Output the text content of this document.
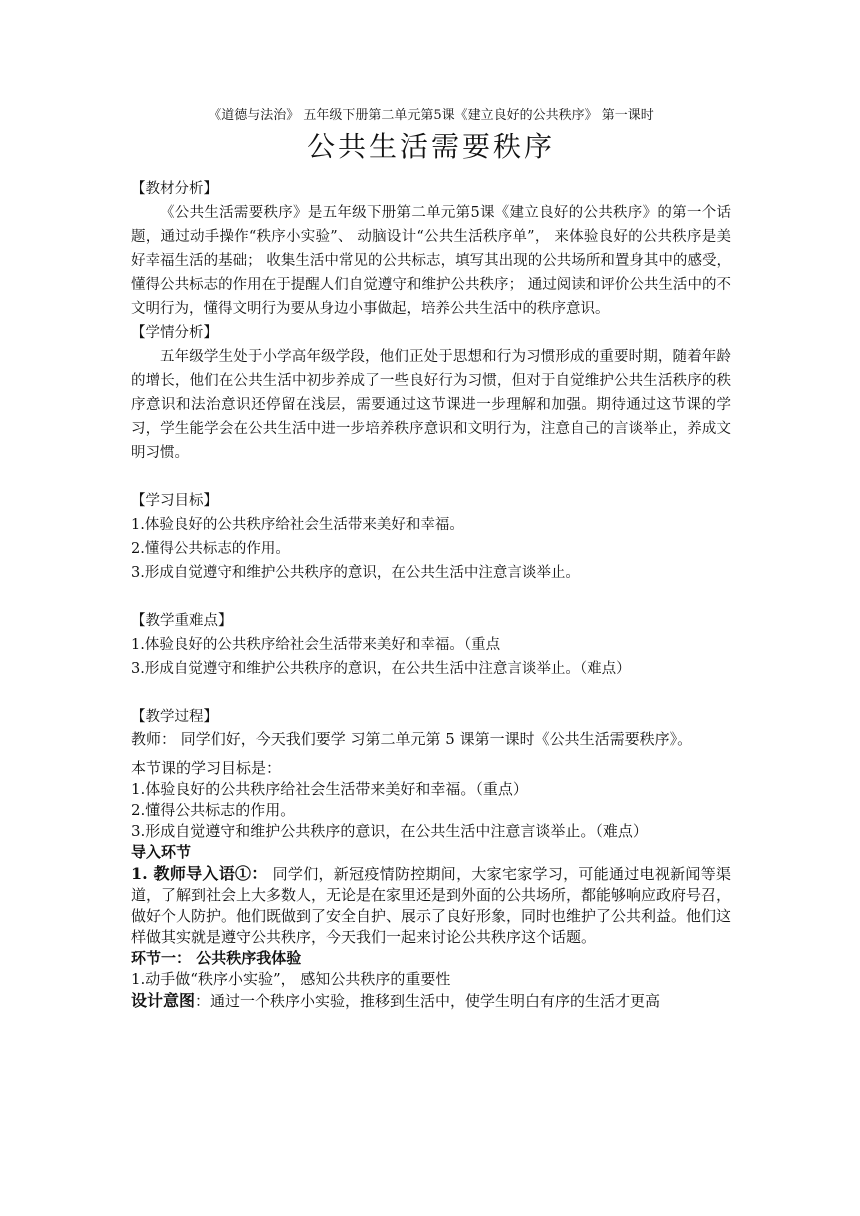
《道德与法治》 五年级下册第二单元第5课《建立良好的公共秩序》 第一课时

公共生活需要秩序

【教材分析】

《公共生活需要秩序》是五年级下册第二单元第5课《建立良好的公共秩序》的第一个话题，通过动手操作“秩序小实验”、 动脑设计“公共生活秩序单”， 来体验良好的公共秩序是美好幸福生活的基础； 收集生活中常见的公共标志，填写其出现的公共场所和置身其中的感受，懂得公共标志的作用在于提醒人们自觉遵守和维护公共秩序； 通过阅读和评价公共生活中的不文明行为，懂得文明行为要从身边小事做起，培养公共生活中的秩序意识。

【学情分析】

五年级学生处于小学高年级学段，他们正处于思想和行为习惯形成的重要时期，随着年龄的增长，他们在公共生活中初步养成了一些良好行为习惯，但对于自觉维护公共生活秩序的秩序意识和法治意识还停留在浅层，需要通过这节课进一步理解和加强。期待通过这节课的学习，学生能学会在公共生活中进一步培养秩序意识和文明行为，注意自己的言谈举止，养成文明习惯。

【学习目标】

1.体验良好的公共秩序给社会生活带来美好和幸福。

2.懂得公共标志的作用。

3.形成自觉遵守和维护公共秩序的意识，在公共生活中注意言谈举止。

【教学重难点】

1.体验良好的公共秩序给社会生活带来美好和幸福。（重点

3.形成自觉遵守和维护公共秩序的意识，在公共生活中注意言谈举止。（难点）

【教学过程】

教师： 同学们好，今天我们要学 习第二单元第 5 课第一课时《公共生活需要秩序》。

本节课的学习目标是：

1.体验良好的公共秩序给社会生活带来美好和幸福。（重点）

2.懂得公共标志的作用。

3.形成自觉遵守和维护公共秩序的意识，在公共生活中注意言谈举止。（难点）

导入环节

1. 教师导入语①： 同学们，新冠疫情防控期间，大家宅家学习，可能通过电视新闻等渠道，了解到社会上大多数人，无论是在家里还是到外面的公共场所，都能够响应政府号召，做好个人防护。他们既做到了安全自护、展示了良好形象，同时也维护了公共利益。他们这样做其实就是遵守公共秩序，今天我们一起来讨论公共秩序这个话题。

环节一： 公共秩序我体验

1.动手做“秩序小实验”， 感知公共秩序的重要性

设计意图：通过一个秩序小实验，推移到生活中，使学生明白有序的生活才更高
